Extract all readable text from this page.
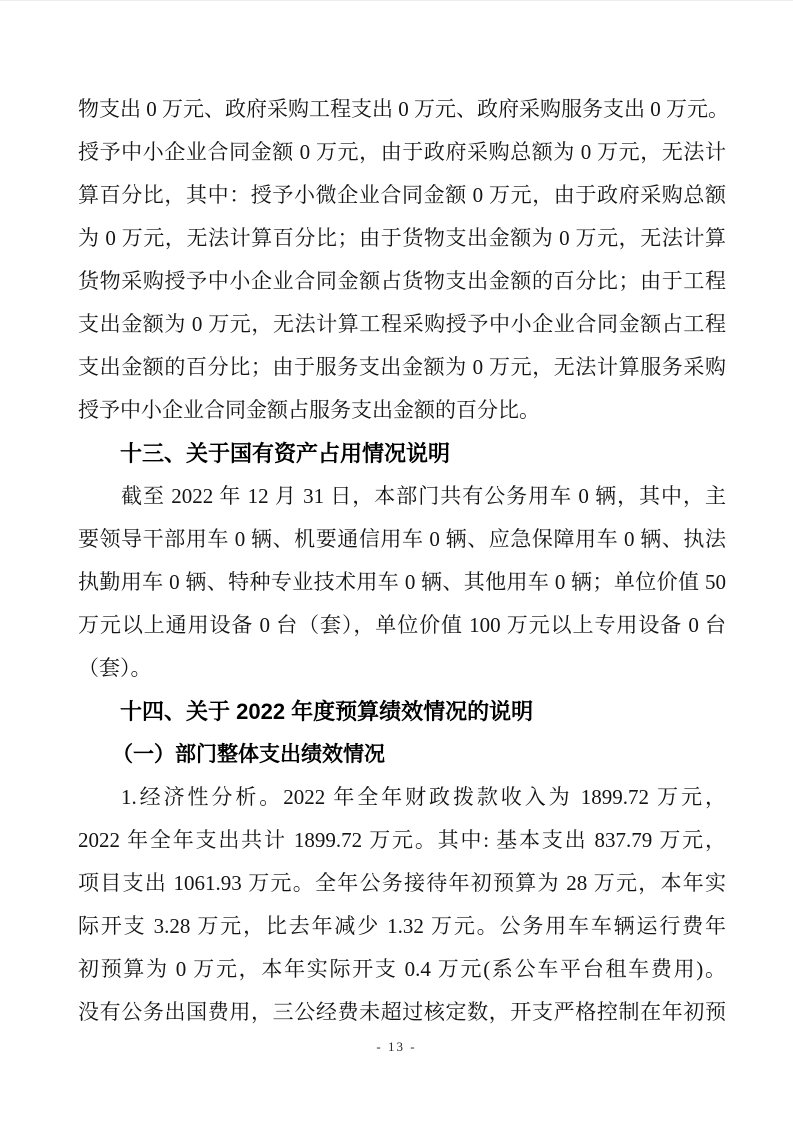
物支出 0 万元、政府采购工程支出 0 万元、政府采购服务支出 0 万元。
授予中小企业合同金额 0 万元，由于政府采购总额为 0 万元，无法计
算百分比，其中：授予小微企业合同金额 0 万元，由于政府采购总额
为 0 万元，无法计算百分比；由于货物支出金额为 0 万元，无法计算
货物采购授予中小企业合同金额占货物支出金额的百分比；由于工程
支出金额为 0 万元，无法计算工程采购授予中小企业合同金额占工程
支出金额的百分比；由于服务支出金额为 0 万元，无法计算服务采购
授予中小企业合同金额占服务支出金额的百分比。
十三、关于国有资产占用情况说明
截至 2022 年 12 月 31 日，本部门共有公务用车 0 辆，其中，主
要领导干部用车 0 辆、机要通信用车 0 辆、应急保障用车 0 辆、执法
执勤用车 0 辆、特种专业技术用车 0 辆、其他用车 0 辆；单位价值 50
万元以上通用设备 0 台（套），单位价值 100 万元以上专用设备 0 台
（套）。
十四、关于 2022 年度预算绩效情况的说明
（一）部门整体支出绩效情况
1.经济性分析。2022 年全年财政拨款收入为 1899.72 万元，
2022 年全年支出共计 1899.72 万元。其中: 基本支出 837.79 万元，
项目支出 1061.93 万元。全年公务接待年初预算为 28 万元，本年实
际开支 3.28 万元，比去年减少 1.32 万元。公务用车车辆运行费年
初预算为 0 万元，本年实际开支 0.4 万元(系公车平台租车费用)。
没有公务出国费用，三公经费未超过核定数，开支严格控制在年初预
- 13 -
